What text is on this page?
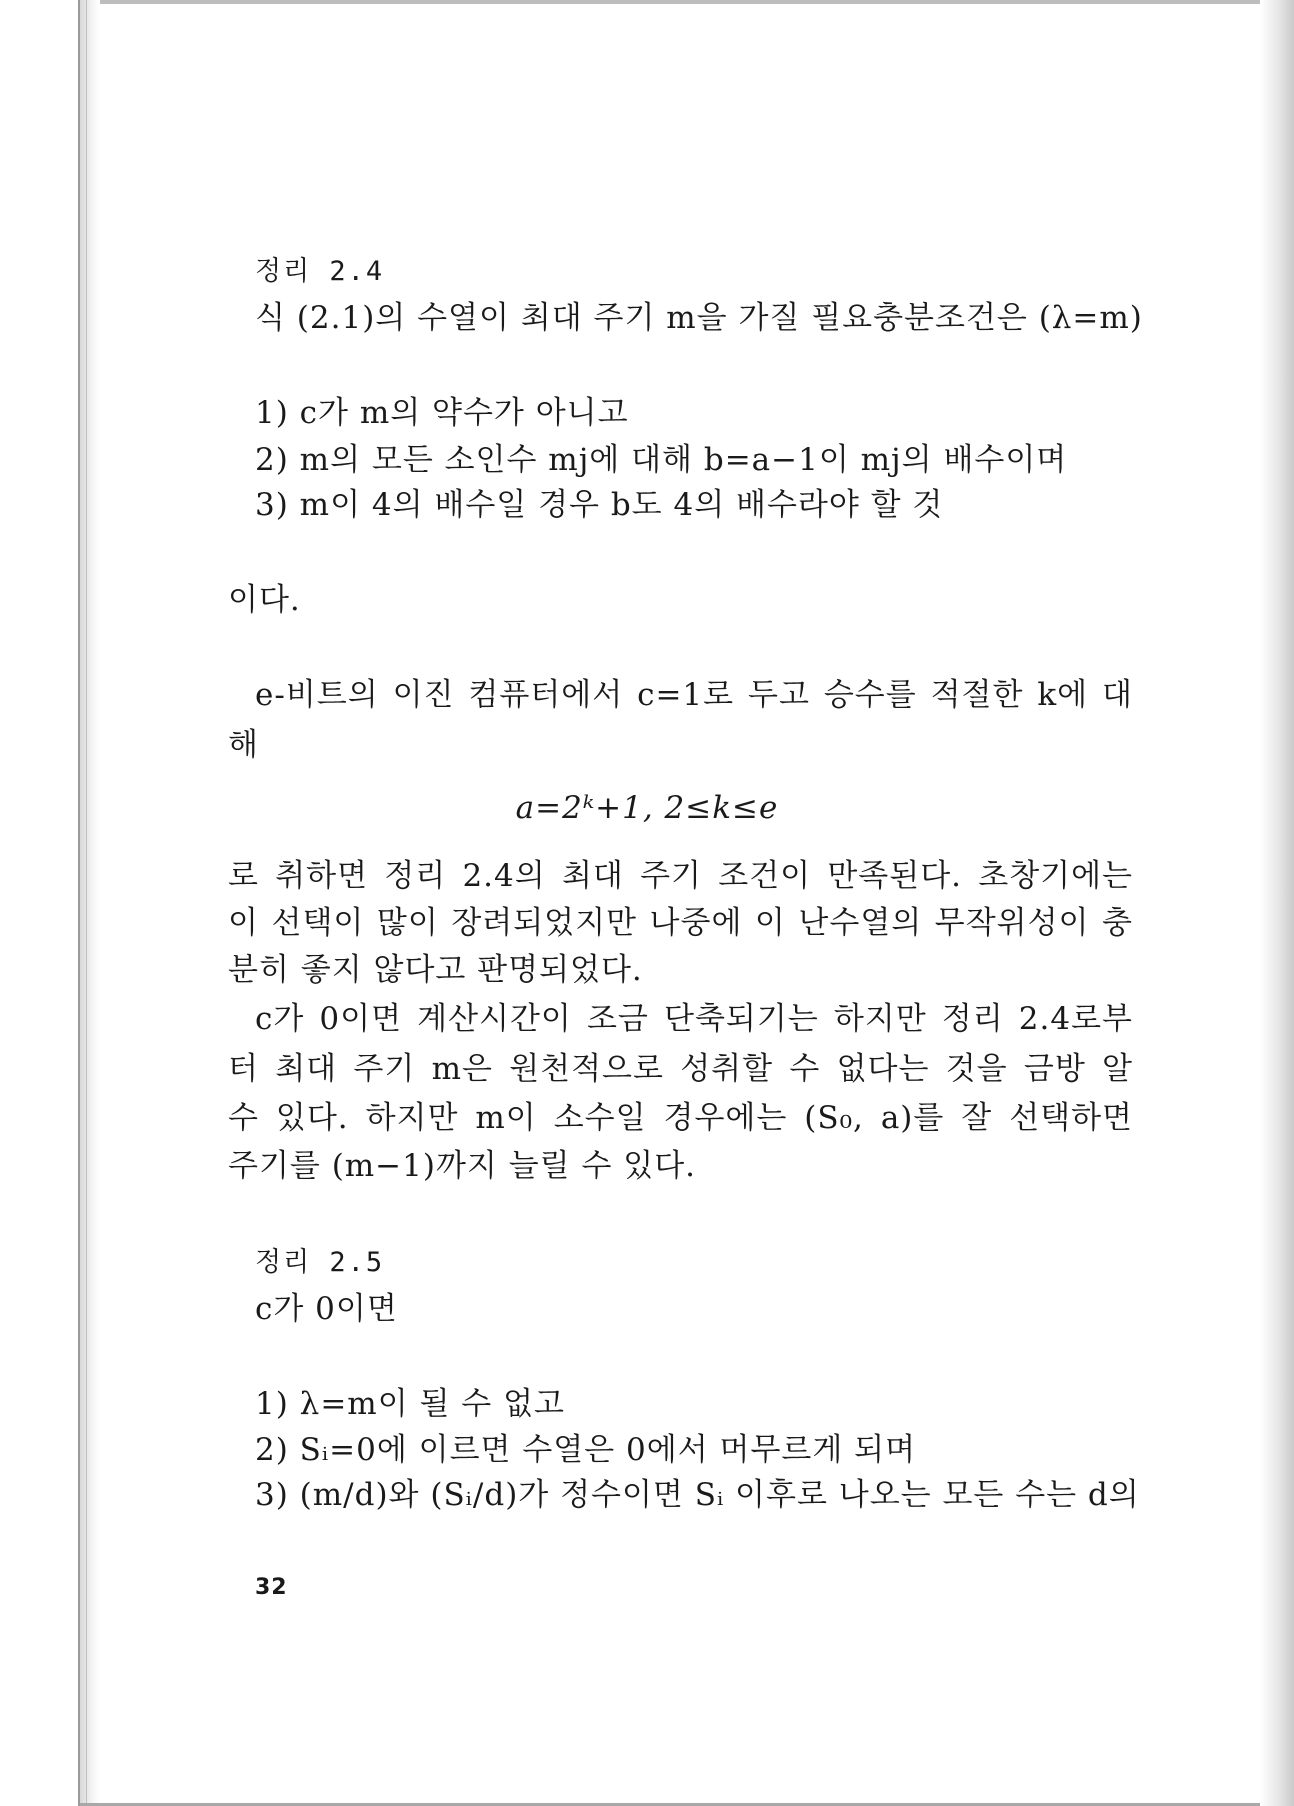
정리 2.4
식 (2.1)의 수열이 최대 주기 m을 가질 필요충분조건은 (λ=m)
1) c가 m의 약수가 아니고
2) m의 모든 소인수 mj에 대해 b=a−1이 mj의 배수이며
3) m이 4의 배수일 경우 b도 4의 배수라야 할 것
이다.
e-비트의 이진 컴퓨터에서 c=1로 두고 승수를 적절한 k에 대
해
a=2ᵏ+1, 2≤k≤e
로 취하면 정리 2.4의 최대 주기 조건이 만족된다. 초창기에는
이 선택이 많이 장려되었지만 나중에 이 난수열의 무작위성이 충
분히 좋지 않다고 판명되었다.
c가 0이면 계산시간이 조금 단축되기는 하지만 정리 2.4로부
터 최대 주기 m은 원천적으로 성취할 수 없다는 것을 금방 알
수 있다. 하지만 m이 소수일 경우에는 (S₀, a)를 잘 선택하면
주기를 (m−1)까지 늘릴 수 있다.
정리 2.5
c가 0이면
1) λ=m이 될 수 없고
2) Sᵢ=0에 이르면 수열은 0에서 머무르게 되며
3) (m/d)와 (Sᵢ/d)가 정수이면 Sᵢ 이후로 나오는 모든 수는 d의
32
